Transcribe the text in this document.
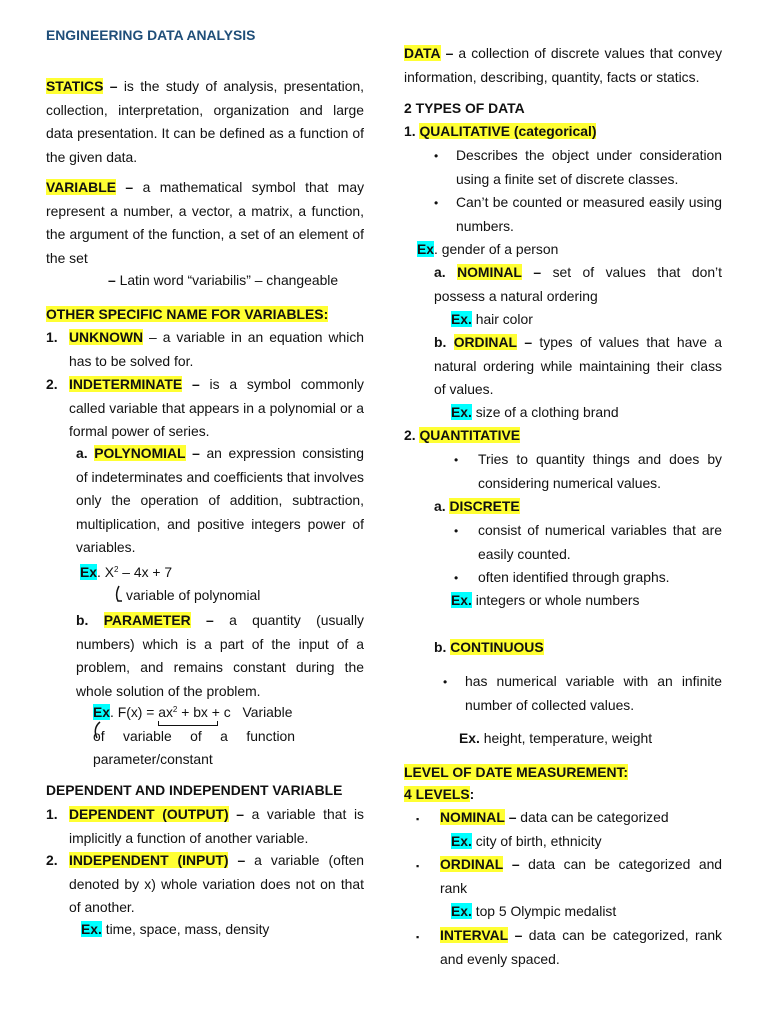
ENGINEERING DATA ANALYSIS

STATICS – is the study of analysis, presentation, collection, interpretation, organization and large data presentation. It can be defined as a function of the given data.

VARIABLE – a mathematical symbol that may represent a number, a vector, a matrix, a function, the argument of the function, a set of an element of the set

– Latin word “variabilis” – changeable

OTHER SPECIFIC NAME FOR VARIABLES:

1. UNKNOWN – a variable in an equation which has to be solved for.

2. INDETERMINATE – is a symbol commonly called variable that appears in a polynomial or a formal power of series.

a. POLYNOMIAL – an expression consisting of indeterminates and coefficients that involves only the operation of addition, subtraction, multiplication, and positive integers power of variables.

Ex. $X^2 - 4x + 7$

variable of polynomial

b. PARAMETER – a quantity (usually numbers) which is a part of the input of a problem, and remains constant during the whole solution of the problem.

Ex. $F(x) = ax^2$ + bx + c Variable

of variable of a function

parameter/constant

DEPENDENT AND INDEPENDENT VARIABLE

1. DEPENDENT (OUTPUT) – a variable that is implicitly a function of another variable.

2. INDEPENDENT (INPUT) – a variable (often denoted by x) whole variation does not on that of another.

Ex. time, space, mass, density

DATA – a collection of discrete values that convey information, describing, quantity, facts or statics.

2 TYPES OF DATA

1. QUALITATIVE (categorical)

• Describes the object under consideration using a finite set of discrete classes.

• Can’t be counted or measured easily using numbers.

Ex. gender of a person

a. NOMINAL – set of values that don’t possess a natural ordering

Ex. hair color

b. ORDINAL – types of values that have a natural ordering while maintaining their class of values.

Ex. size of a clothing brand

2. QUANTITATIVE

• Tries to quantity things and does by considering numerical values.

a. DISCRETE

• consist of numerical variables that are easily counted.

• often identified through graphs.

Ex. integers or whole numbers

b. CONTINUOUS

• has numerical variable with an infinite number of collected values.

Ex. height, temperature, weight

LEVEL OF DATE MEASUREMENT:

4 LEVELS:

▪ NOMINAL – data can be categorized

Ex. city of birth, ethnicity

▪ ORDINAL – data can be categorized and rank

Ex. top 5 Olympic medalist

▪ INTERVAL – data can be categorized, rank and evenly spaced.
